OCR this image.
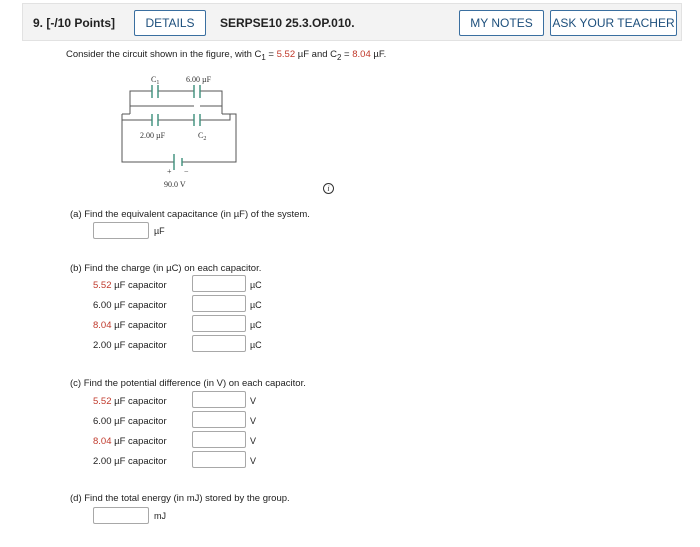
9. [-/10 Points]	DETAILS	SERPSE10 25.3.OP.010.	MY NOTES	ASK YOUR TEACHER
Consider the circuit shown in the figure, with $C_1 = 5.52$ µF and $C_2 = 8.04$ µF.
$C_1$	6.00 µF
2.00 µF	$C_2$
+ −
90.0 V	i
(a) Find the equivalent capacitance (in µF) of the system.
µF
(b) Find the charge (in µC) on each capacitor.
5.52 µF capacitor	µC
6.00 µF capacitor	µC
8.04 µF capacitor	µC
2.00 µF capacitor	µC
(c) Find the potential difference (in V) on each capacitor.
5.52 µF capacitor	V
6.00 µF capacitor	V
8.04 µF capacitor	V
2.00 µF capacitor	V
(d) Find the total energy (in mJ) stored by the group.
mJ
